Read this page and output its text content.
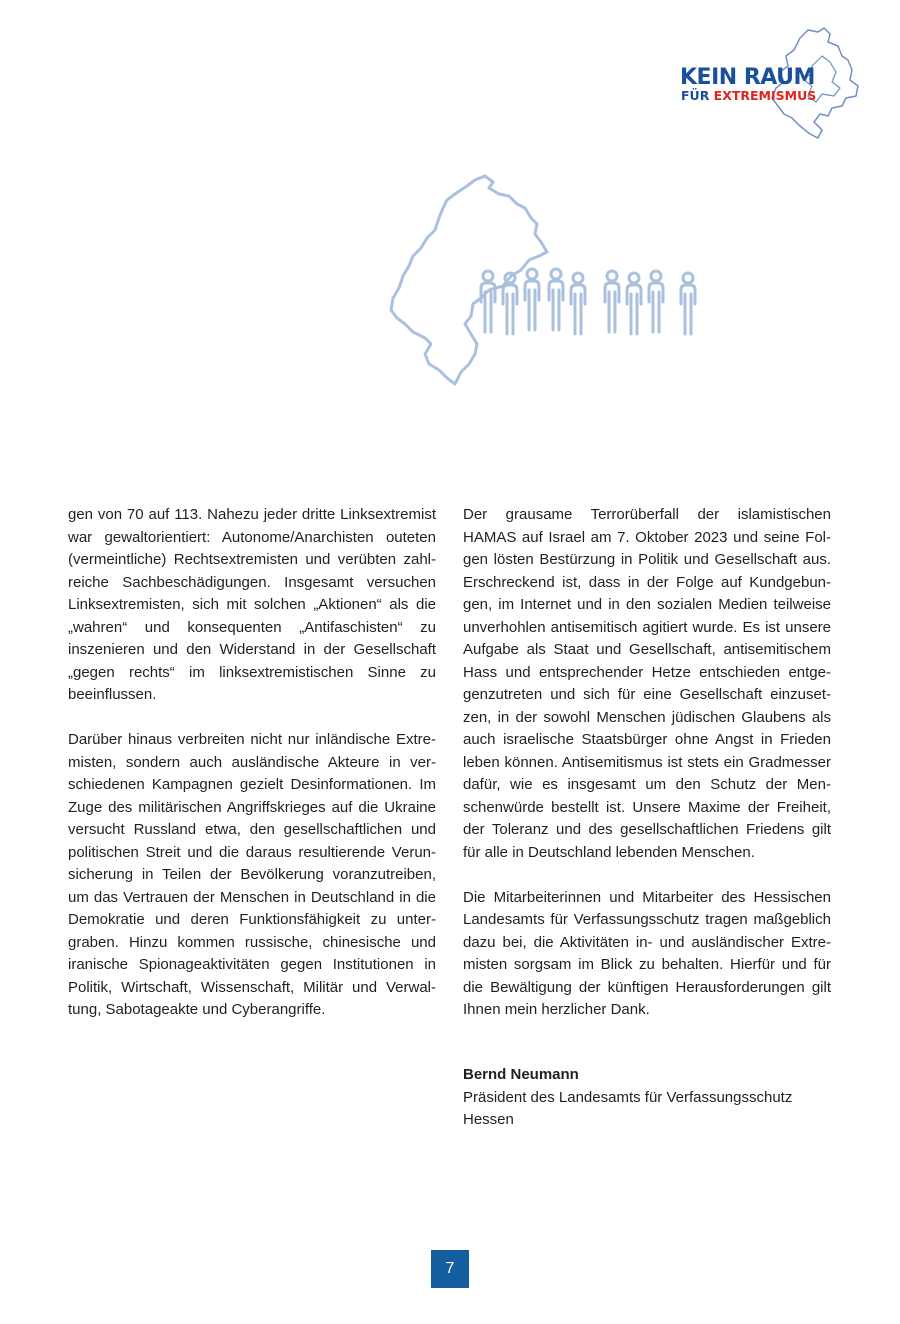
KEIN RAUM

FÜR EXTREMISMUS

gen von 70 auf 113. Nahezu jeder dritte Linksextremist war gewaltorientiert: Autonome/Anarchisten outeten (vermeintliche) Rechtsextremisten und verübten zahlreiche Sachbeschädigungen. Insgesamt versuchen Linksextremisten, sich mit solchen „Aktionen“ als die „wahren“ und konsequenten „Antifaschisten“ zu inszenieren und den Widerstand in der Gesellschaft „gegen rechts“ im linksextremistischen Sinne zu beeinflussen.

Darüber hinaus verbreiten nicht nur inländische Extremisten, sondern auch ausländische Akteure in verschiedenen Kampagnen gezielt Desinformationen. Im Zuge des militärischen Angriffskrieges auf die Ukraine versucht Russland etwa, den gesellschaftlichen und politischen Streit und die daraus resultierende Verunsicherung in Teilen der Bevölkerung voranzutreiben, um das Vertrauen der Menschen in Deutschland in die Demokratie und deren Funktionsfähigkeit zu untergraben. Hinzu kommen russische, chinesische und iranische Spionageaktivitäten gegen Institutionen in Politik, Wirtschaft, Wissenschaft, Militär und Verwaltung, Sabotageakte und Cyberangriffe.

Der grausame Terrorüberfall der islamistischen HAMAS auf Israel am 7. Oktober 2023 und seine Folgen lösten Bestürzung in Politik und Gesellschaft aus. Erschreckend ist, dass in der Folge auf Kundgebungen, im Internet und in den sozialen Medien teilweise unverhohlen antisemitisch agitiert wurde. Es ist unsere Aufgabe als Staat und Gesellschaft, antisemitischem Hass und entsprechender Hetze entschieden entgegenzutreten und sich für eine Gesellschaft einzusetzen, in der sowohl Menschen jüdischen Glaubens als auch israelische Staatsbürger ohne Angst in Frieden leben können. Antisemitismus ist stets ein Gradmesser dafür, wie es insgesamt um den Schutz der Menschenwürde bestellt ist. Unsere Maxime der Freiheit, der Toleranz und des gesellschaftlichen Friedens gilt für alle in Deutschland lebenden Menschen.

Die Mitarbeiterinnen und Mitarbeiter des Hessischen Landesamts für Verfassungsschutz tragen maßgeblich dazu bei, die Aktivitäten in- und ausländischer Extremisten sorgsam im Blick zu behalten. Hierfür und für die Bewältigung der künftigen Herausforderungen gilt Ihnen mein herzlicher Dank.

Bernd Neumann
Präsident des Landesamts für Verfassungsschutz
Hessen
7
